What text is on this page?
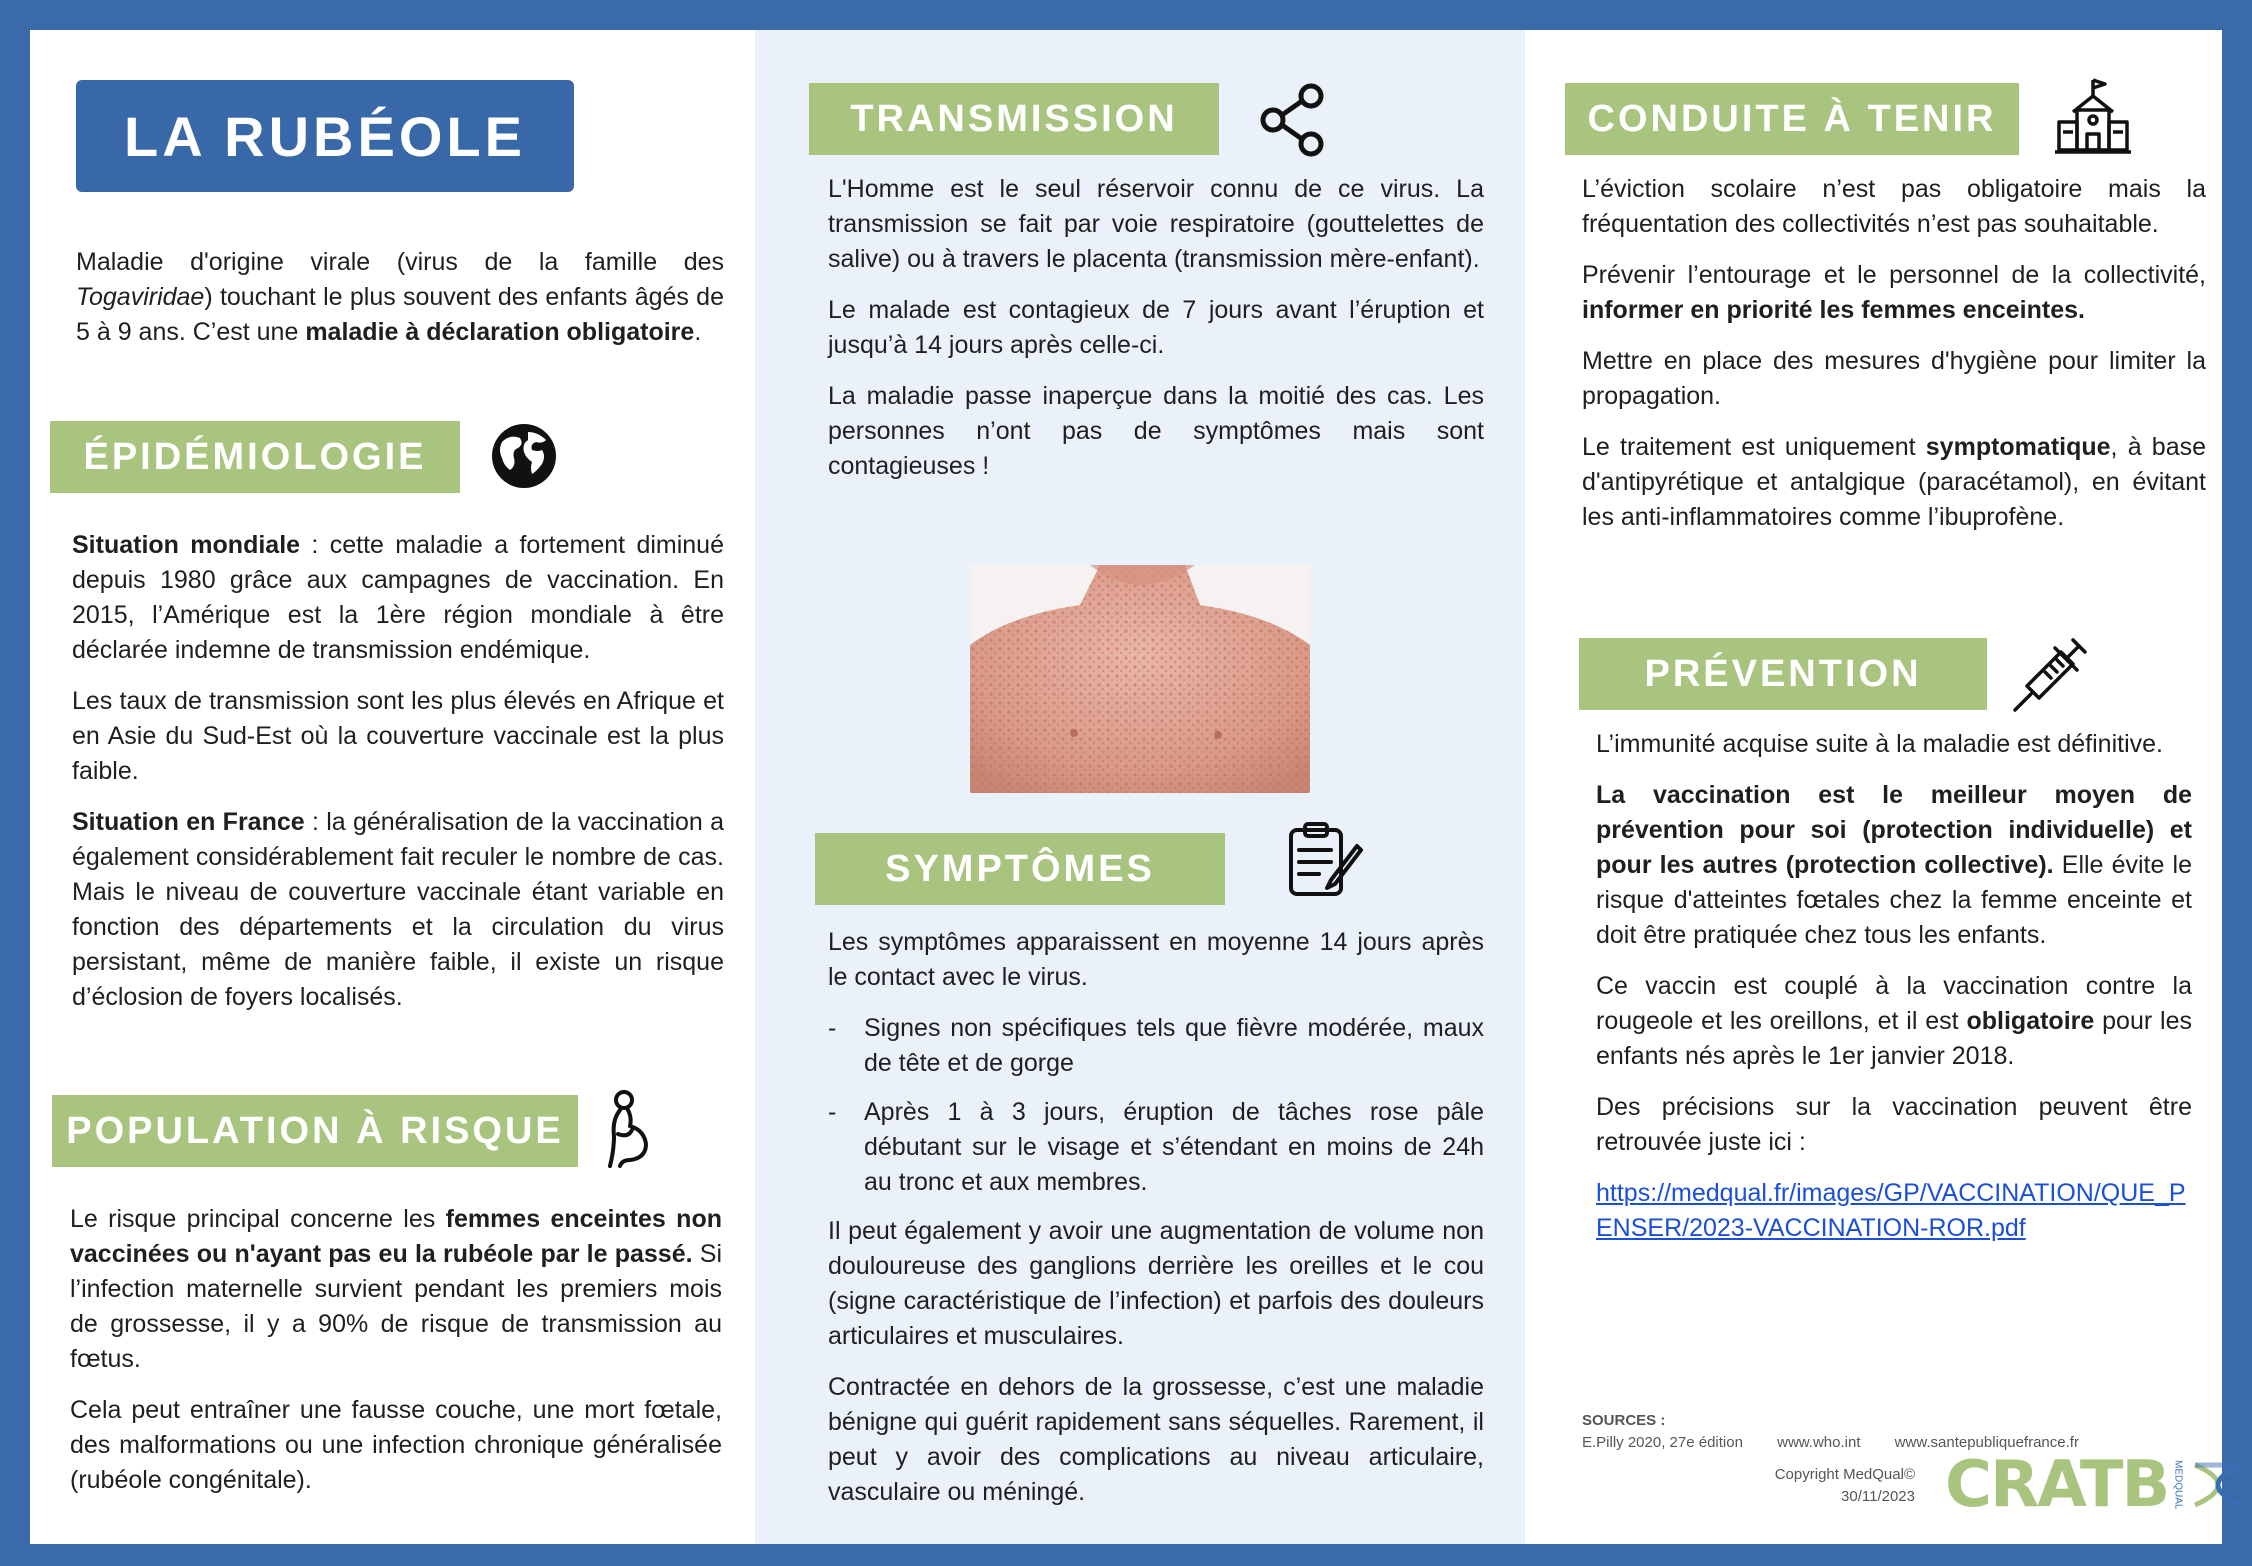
LA RUBÉOLE

Maladie d'origine virale (virus de la famille des Togaviridae) touchant le plus souvent des enfants âgés de 5 à 9 ans. C’est une maladie à déclaration obligatoire.

ÉPIDÉMIOLOGIE

Situation mondiale : cette maladie a fortement diminué depuis 1980 grâce aux campagnes de vaccination. En 2015, l’Amérique est la 1ère région mondiale à être déclarée indemne de transmission endémique.

Les taux de transmission sont les plus élevés en Afrique et en Asie du Sud-Est où la couverture vaccinale est la plus faible.

Situation en France : la généralisation de la vaccination a également considérablement fait reculer le nombre de cas. Mais le niveau de couverture vaccinale étant variable en fonction des départements et la circulation du virus persistant, même de manière faible, il existe un risque d’éclosion de foyers localisés.

POPULATION À RISQUE

Le risque principal concerne les femmes enceintes non vaccinées ou n'ayant pas eu la rubéole par le passé. Si l’infection maternelle survient pendant les premiers mois de grossesse, il y a 90% de risque de transmission au fœtus.

Cela peut entraîner une fausse couche, une mort fœtale, des malformations ou une infection chronique généralisée (rubéole congénitale).

TRANSMISSION

L'Homme est le seul réservoir connu de ce virus. La transmission se fait par voie respiratoire (gouttelettes de salive) ou à travers le placenta (transmission mère-enfant).

Le malade est contagieux de 7 jours avant l’éruption et jusqu’à 14 jours après celle-ci.

La maladie passe inaperçue dans la moitié des cas. Les personnes n’ont pas de symptômes mais sont contagieuses !

SYMPTÔMES

Les symptômes apparaissent en moyenne 14 jours après le contact avec le virus.

-	Signes non spécifiques tels que fièvre modérée, maux de tête et de gorge
-	Après 1 à 3 jours, éruption de tâches rose pâle débutant sur le visage et s’étendant en moins de 24h au tronc et aux membres.

Il peut également y avoir une augmentation de volume non douloureuse des ganglions derrière les oreilles et le cou (signe caractéristique de l’infection) et parfois des douleurs articulaires et musculaires.

Contractée en dehors de la grossesse, c’est une maladie bénigne qui guérit rapidement sans séquelles. Rarement, il peut y avoir des complications au niveau articulaire, vasculaire ou méningé.

CONDUITE À TENIR

L’éviction scolaire n’est pas obligatoire mais la fréquentation des collectivités n’est pas souhaitable.

Prévenir l’entourage et le personnel de la collectivité, informer en priorité les femmes enceintes.

Mettre en place des mesures d'hygiène pour limiter la propagation.

Le traitement est uniquement symptomatique, à base d'antipyrétique et antalgique (paracétamol), en évitant les anti-inflammatoires comme l’ibuprofène.

PRÉVENTION

L’immunité acquise suite à la maladie est définitive.

La vaccination est le meilleur moyen de prévention pour soi (protection individuelle) et pour les autres (protection collective). Elle évite le risque d'atteintes fœtales chez la femme enceinte et doit être pratiquée chez tous les enfants.

Ce vaccin est couplé à la vaccination contre la rougeole et les oreillons, et il est obligatoire pour les enfants nés après le 1er janvier 2018.

Des précisions sur la vaccination peuvent être retrouvée juste ici :

https://medqual.fr/images/GP/VACCINATION/QUE_PENSER/2023-VACCINATION-ROR.pdf

SOURCES :
E.Pilly 2020, 27e édition www.who.int www.santepubliquefrance.fr
Copyright MedQual©
30/11/2023 CRATB MEDQUAL
